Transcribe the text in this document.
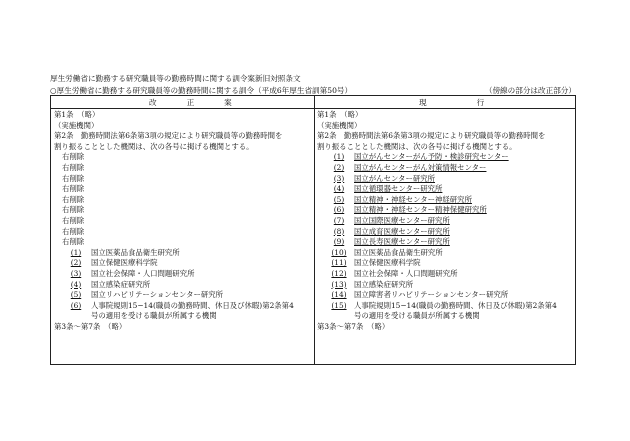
厚生労働省に勤務する研究職員等の勤務時間に関する訓令案新旧対照条文
○厚生労働省に勤務する研究職員等の勤務時間に関する訓令（平成6年厚生省訓第50号）	（傍線の部分は改正部分）
改正案	現行
第1条　（略）
（実施機関）
第2条　勤務時間法第6条第3項の規定により研究職員等の勤務時間を
割り振ることとした機関は、次の各号に掲げる機関とする。
右削除
右削除
右削除
右削除
右削除
右削除
右削除
右削除
右削除
(1) 国立医薬品食品衛生研究所
(2) 国立保健医療科学院
(3) 国立社会保障・人口問題研究所
(4) 国立感染症研究所
(5) 国立リハビリテーションセンター研究所
(6) 人事院規則15−14(職員の勤務時間、休日及び休暇)第2条第4
号の適用を受ける職員が所属する機関
第3条〜第7条　（略）
第1条　（略）
（実施機関）
第2条　勤務時間法第6条第3項の規定により研究職員等の勤務時間を
割り振ることとした機関は、次の各号に掲げる機関とする。
(1) 国立がんセンターがん予防・検診研究センター
(2) 国立がんセンターがん対策情報センター
(3) 国立がんセンター研究所
(4) 国立循環器センター研究所
(5) 国立精神・神経センター神経研究所
(6) 国立精神・神経センター精神保健研究所
(7) 国立国際医療センター研究所
(8) 国立成育医療センター研究所
(9) 国立長寿医療センター研究所
(10) 国立医薬品食品衛生研究所
(11) 国立保健医療科学院
(12) 国立社会保障・人口問題研究所
(13) 国立感染症研究所
(14) 国立障害者リハビリテーションセンター研究所
(15) 人事院規則15−14(職員の勤務時間、休日及び休暇)第2条第4
号の適用を受ける職員が所属する機関
第3条〜第7条　（略）
